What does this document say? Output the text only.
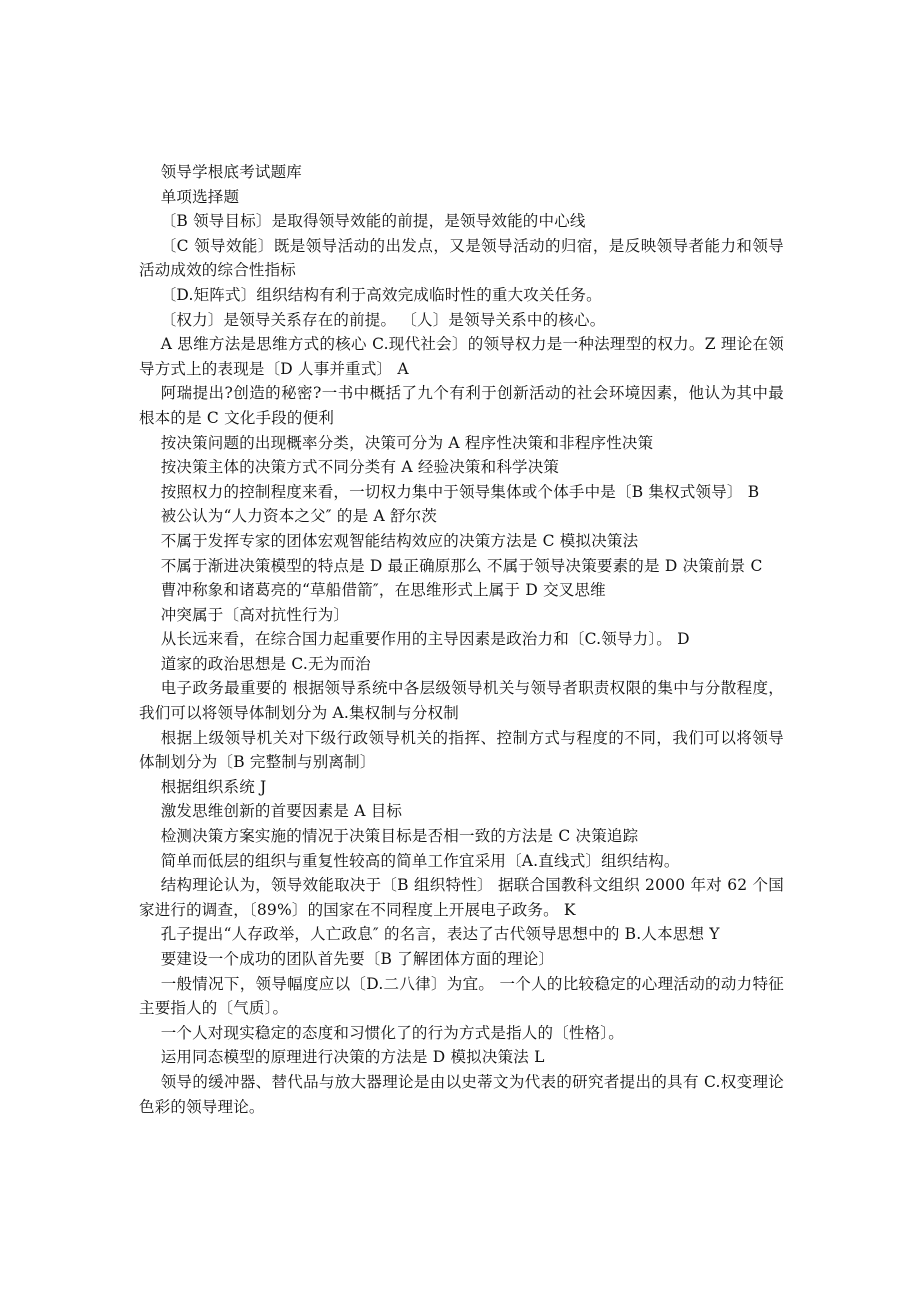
领导学根底考试题库

单项选择题

〔B 领导目标〕是取得领导效能的前提，是领导效能的中心线

〔C 领导效能〕既是领导活动的出发点，又是领导活动的归宿，是反映领导者能力和领导活动成效的综合性指标

〔D.矩阵式〕组织结构有利于高效完成临时性的重大攻关任务。

〔权力〕是领导关系存在的前提。 〔人〕是领导关系中的核心。

A 思维方法是思维方式的核心 C.现代社会〕的领导权力是一种法理型的权力。Z 理论在领导方式上的表现是〔D 人事并重式〕 A

阿瑞提出?创造的秘密?一书中概括了九个有利于创新活动的社会环境因素，他认为其中最根本的是 C 文化手段的便利

按决策问题的出现概率分类，决策可分为 A 程序性决策和非程序性决策

按决策主体的决策方式不同分类有 A 经验决策和科学决策

按照权力的控制程度来看，一切权力集中于领导集体或个体手中是〔B 集权式领导〕 B

被公认为“人力资本之父″ 的是 A 舒尔茨

不属于发挥专家的团体宏观智能结构效应的决策方法是 C 模拟决策法

不属于渐进决策模型的特点是 D 最正确原那么 不属于领导决策要素的是 D 决策前景 C

曹冲称象和诸葛亮的“草船借箭″，在思维形式上属于 D 交叉思维

冲突属于〔高对抗性行为〕

从长远来看，在综合国力起重要作用的主导因素是政治力和〔C.领导力〕。 D

道家的政治思想是 C.无为而治

电子政务最重要的 根据领导系统中各层级领导机关与领导者职责权限的集中与分散程度，我们可以将领导体制划分为 A.集权制与分权制

根据上级领导机关对下级行政领导机关的指挥、控制方式与程度的不同，我们可以将领导体制划分为〔B 完整制与别离制〕

根据组织系统 J

激发思维创新的首要因素是 A 目标

检测决策方案实施的情况于决策目标是否相一致的方法是 C 决策追踪

简单而低层的组织与重复性较高的简单工作宜采用〔A.直线式〕组织结构。

结构理论认为，领导效能取决于〔B 组织特性〕 据联合国教科文组织 2000 年对 62 个国家进行的调查，〔89%〕的国家在不同程度上开展电子政务。 K

孔子提出“人存政举，人亡政息″ 的名言，表达了古代领导思想中的 B.人本思想 Y

要建设一个成功的团队首先要〔B 了解团体方面的理论〕

一般情况下，领导幅度应以〔D.二八律〕为宜。 一个人的比较稳定的心理活动的动力特征主要指人的〔气质〕。

一个人对现实稳定的态度和习惯化了的行为方式是指人的〔性格〕。

运用同态模型的原理进行决策的方法是 D 模拟决策法 L

领导的缓冲器、替代品与放大器理论是由以史蒂文为代表的研究者提出的具有 C.权变理论色彩的领导理论。
